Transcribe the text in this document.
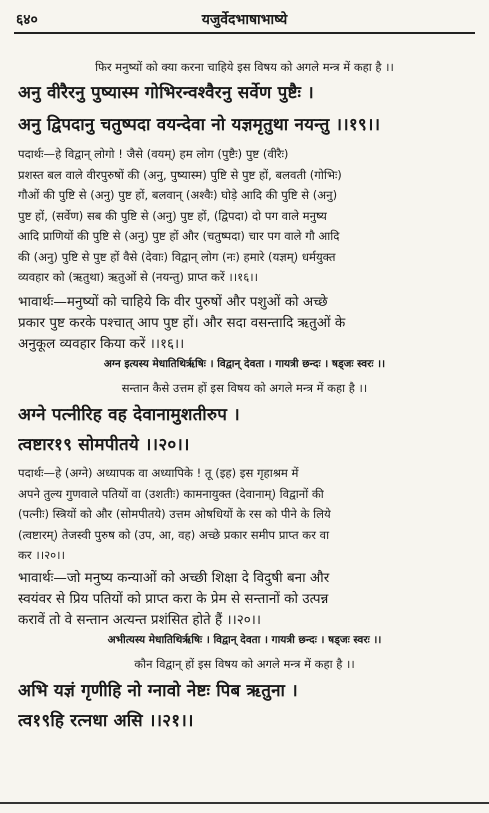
६४०	यजुर्वेदभाषाभाष्ये
फिर मनुष्यों को क्या करना चाहिये इस विषय को अगले मन्त्र में कहा है ।।
अनु वीरैरनु पुष्यास्म गोभिरन्वश्वैरनु सर्वेण पुष्टैः ।
अनु द्विपदानु चतुष्पदा वयन्देवा नो यज्ञमृतुथा नयन्तु ।।१९।।
पदार्थः—हे विद्वान् लोगो ! जैसे (वयम्) हम लोग (पुष्टैः) पुष्ट (वीरैः)
प्रशस्त बल वाले वीरपुरुषों की (अनु, पुष्यास्म) पुष्टि से पुष्ट हों, बलवती (गोभिः)
गौओं की पुष्टि से (अनु) पुष्ट हों, बलवान् (अश्वैः) घोड़े आदि की पुष्टि से (अनु)
पुष्ट हों, (सर्वेण) सब की पुष्टि से (अनु) पुष्ट हों, (द्विपदा) दो पग वाले मनुष्य
आदि प्राणियों की पुष्टि से (अनु) पुष्ट हों और (चतुष्पदा) चार पग वाले गौ आदि
की (अनु) पुष्टि से पुष्ट हों वैसे (देवाः) विद्वान् लोग (नः) हमारे (यज्ञम्) धर्मयुक्त
व्यवहार को (ऋतुथा) ऋतुओं से (नयन्तु) प्राप्त करें ।।१६।।
भावार्थः—मनुष्यों को चाहिये कि वीर पुरुषों और पशुओं को अच्छे
प्रकार पुष्ट करके पश्चात् आप पुष्ट हों। और सदा वसन्तादि ऋतुओं के
अनुकूल व्यवहार किया करें ।।१६।।
अग्न इत्यस्य मेधातिथिर्ऋषिः । विद्वान् देवता । गायत्री छन्दः । षड्जः स्वरः ।।
सन्तान कैसे उत्तम हों इस विषय को अगले मन्त्र में कहा है ।।
अग्ने पत्नीरिह वह देवानामुशतीरुप ।
त्वष्टार१९ सोमपीतये ।।२०।।
पदार्थः—हे (अग्ने) अध्यापक वा अध्यापिके ! तू (इह) इस गृहाश्रम में
अपने तुल्य गुणवाले पतियों वा (उशतीः) कामनायुक्त (देवानाम्) विद्वानों की
(पत्नीः) स्त्रियों को और (सोमपीतये) उत्तम ओषधियों के रस को पीने के लिये
(त्वष्टारम्) तेजस्वी पुरुष को (उप, आ, वह) अच्छे प्रकार समीप प्राप्त कर वा
कर ।।२०।।
भावार्थः—जो मनुष्य कन्याओं को अच्छी शिक्षा दे विदुषी बना और
स्वयंवर से प्रिय पतियों को प्राप्त करा के प्रेम से सन्तानों को उत्पन्न
करावें तो वे सन्तान अत्यन्त प्रशंसित होते हैं ।।२०।।
अभीत्यस्य मेधातिथिर्ऋषिः । विद्वान् देवता । गायत्री छन्दः । षड्जः स्वरः ।।
कौन विद्वान् हों इस विषय को अगले मन्त्र में कहा है ।।
अभि यज्ञं गृणीहि नो ग्नावो नेष्टः पिब ऋतुना ।
त्व१९हि रत्नधा असि ।।२१।।
